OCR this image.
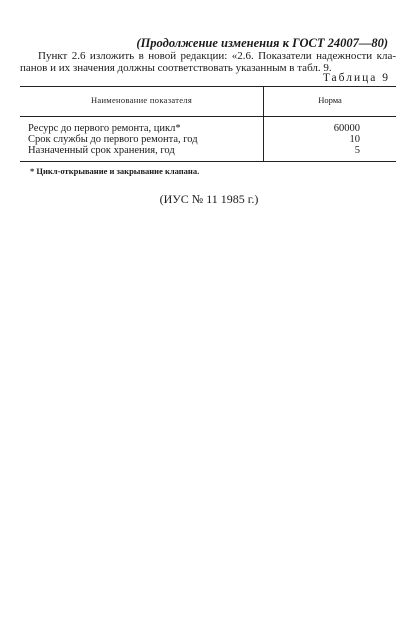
(Продолжение изменения к ГОСТ 24007—80)
Пункт 2.6 изложить в новой редакции: «2.6. Показатели надежности кла-
панов и их значения должны соответствовать указанным в табл. 9.
Таблица 9
Наименование показателя	Норма
Ресурс до первого ремонта, цикл*	60000
Срок службы до первого ремонта, год	10
Назначенный срок хранения, год	5
* Цикл-открывание и закрывание клапана.
(ИУС № 11 1985 г.)
